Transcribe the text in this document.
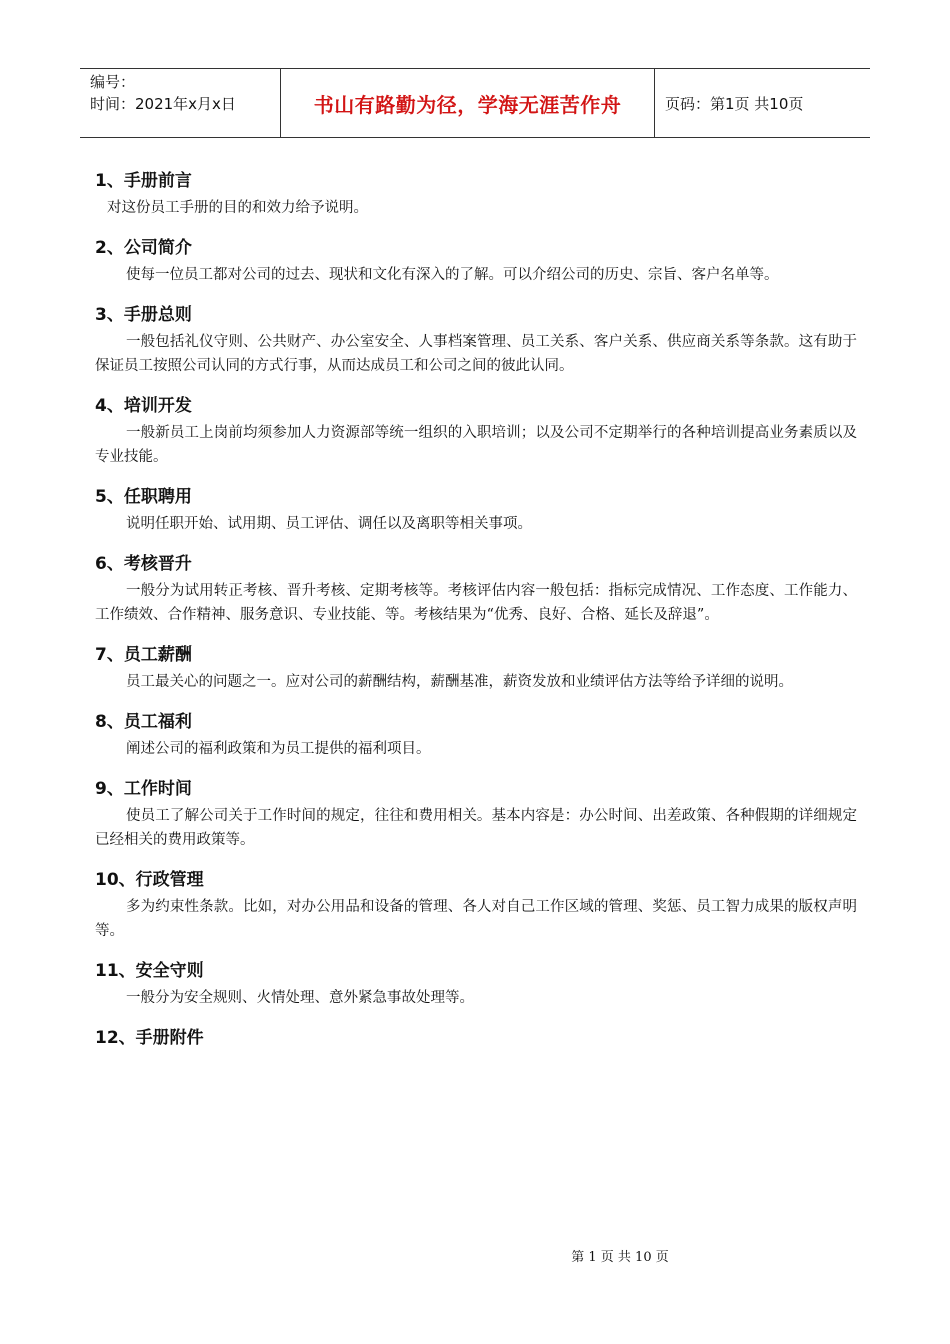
编号：
时间：2021年x月x日	书山有路勤为径，学海无涯苦作舟	页码：第1页 共10页
1、手册前言

对这份员工手册的目的和效力给予说明。

2、公司简介

使每一位员工都对公司的过去、现状和文化有深入的了解。可以介绍公司的历史、宗旨、客户名单等。

3、手册总则

一般包括礼仪守则、公共财产、办公室安全、人事档案管理、员工关系、客户关系、供应商关系等条款。这有助于保证员工按照公司认同的方式行事，从而达成员工和公司之间的彼此认同。

4、培训开发

一般新员工上岗前均须参加人力资源部等统一组织的入职培训；以及公司不定期举行的各种培训提高业务素质以及专业技能。

5、任职聘用

说明任职开始、试用期、员工评估、调任以及离职等相关事项。

6、考核晋升

一般分为试用转正考核、晋升考核、定期考核等。考核评估内容一般包括：指标完成情况、工作态度、工作能力、工作绩效、合作精神、服务意识、专业技能、等。考核结果为“优秀、良好、合格、延长及辞退”。

7、员工薪酬

员工最关心的问题之一。应对公司的薪酬结构，薪酬基准，薪资发放和业绩评估方法等给予详细的说明。

8、员工福利

阐述公司的福利政策和为员工提供的福利项目。

9、工作时间

使员工了解公司关于工作时间的规定，往往和费用相关。基本内容是：办公时间、出差政策、各种假期的详细规定已经相关的费用政策等。

10、行政管理

多为约束性条款。比如，对办公用品和设备的管理、各人对自己工作区域的管理、奖惩、员工智力成果的版权声明等。

11、安全守则

一般分为安全规则、火情处理、意外紧急事故处理等。

12、手册附件

第 1 页 共 10 页
